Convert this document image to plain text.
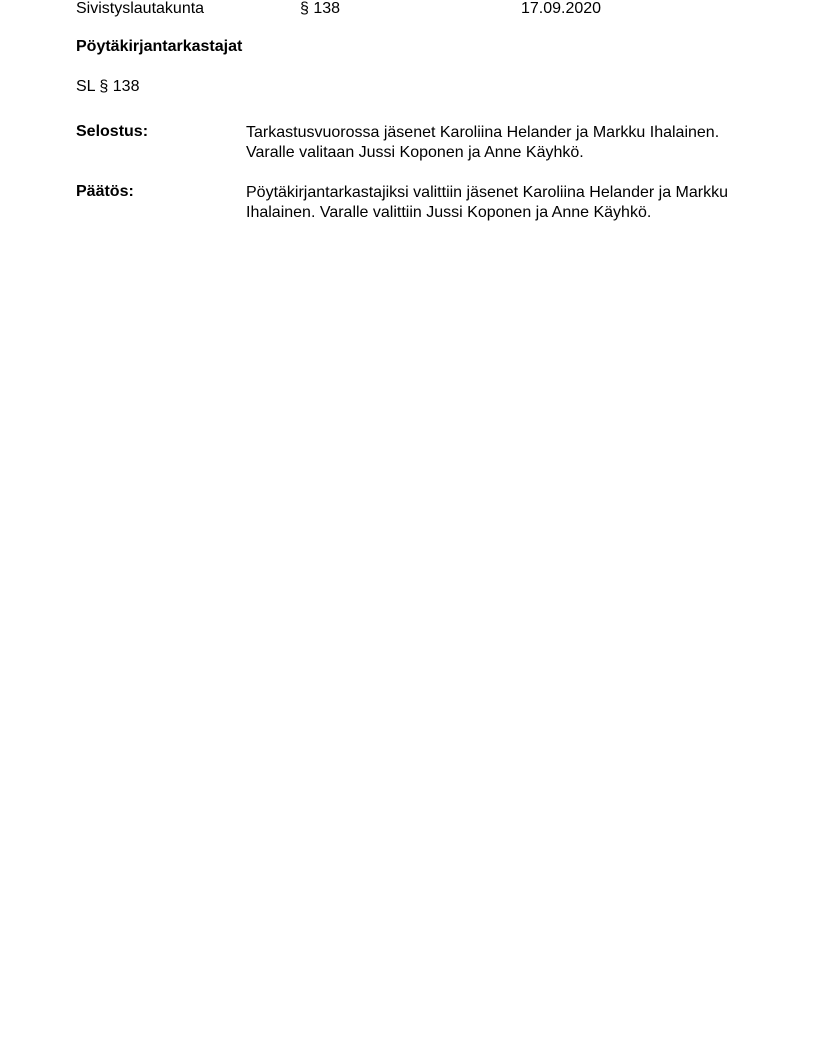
Sivistyslautakunta	§ 138	17.09.2020
Pöytäkirjantarkastajat
SL § 138
Selostus:	Tarkastusvuorossa jäsenet Karoliina Helander ja Markku Ihalainen. Varalle valitaan Jussi Koponen ja Anne Käyhkö.
Päätös:	Pöytäkirjantarkastajiksi valittiin jäsenet Karoliina Helander ja Markku Ihalainen. Varalle valittiin Jussi Koponen ja Anne Käyhkö.
